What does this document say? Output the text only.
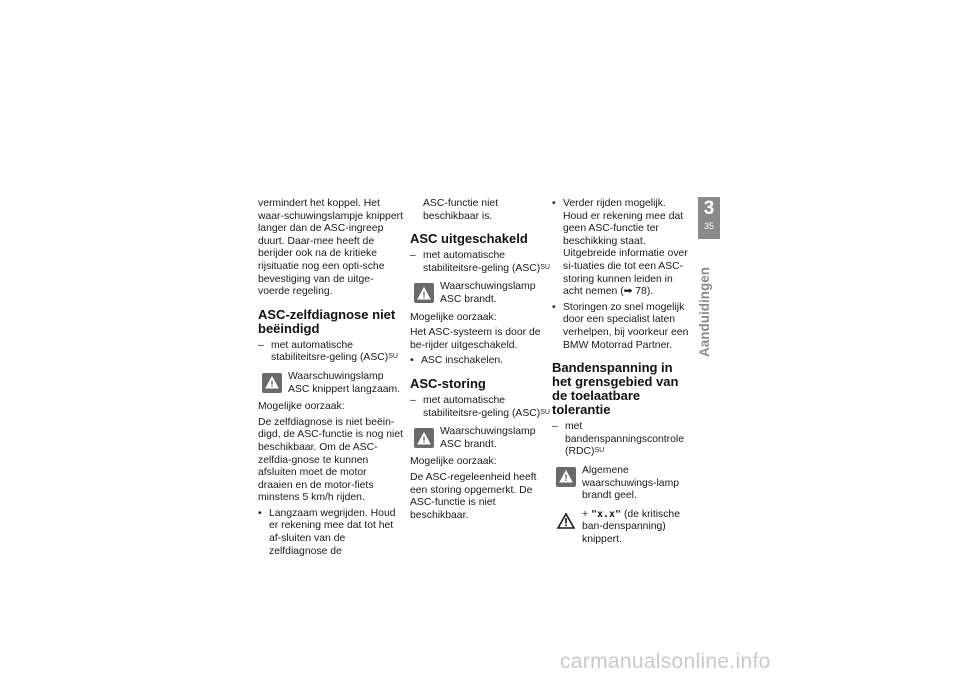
vermindert het koppel. Het waar-schuwingslampje knippert langer dan de ASC-ingreep duurt. Daar-mee heeft de berijder ook na de kritieke rijsituatie nog een opti-sche bevestiging van de uitge-voerde regeling.

ASC-zelfdiagnose niet beëindigd
– met automatische stabiliteitsre-geling (ASC)$^{SU}$
Waarschuwingslamp ASC knippert langzaam.

Mogelijke oorzaak:

De zelfdiagnose is niet beëin-digd, de ASC-functie is nog niet beschikbaar. Om de ASC-zelfdia-gnose te kunnen afsluiten moet de motor draaien en de motor-fiets minstens 5 km/h rijden.

• Langzaam wegrijden. Houd er rekening mee dat tot het af-sluiten van de zelfdiagnose de

ASC-functie niet beschikbaar is.

ASC uitgeschakeld
– met automatische stabiliteitsre-geling (ASC)$^{SU}$
Waarschuwingslamp ASC brandt.

Mogelijke oorzaak:

Het ASC-systeem is door de be-rijder uitgeschakeld.

• ASC inschakelen.
ASC-storing
– met automatische stabiliteitsre-geling (ASC)$^{SU}$
Waarschuwingslamp ASC brandt.

Mogelijke oorzaak:

De ASC-regeleenheid heeft een storing opgemerkt. De ASC-functie is niet beschikbaar.

• Verder rijden mogelijk. Houd er rekening mee dat geen ASC-functie ter beschikking staat. Uitgebreide informatie over si-tuaties die tot een ASC-storing kunnen leiden in acht nemen (➡ 78).
• Storingen zo snel mogelijk door een specialist laten verhelpen, bij voorkeur een BMW Motorrad Partner.
Bandenspanning in het grensgebied van de toelaatbare tolerantie
– met bandenspanningscontrole (RDC)$^{SU}$
Algemene waarschuwings-lamp brandt geel.
+ "x.x" (de kritische ban-denspanning) knippert.
3
35
Aanduidingen
carmanualsonline.info
